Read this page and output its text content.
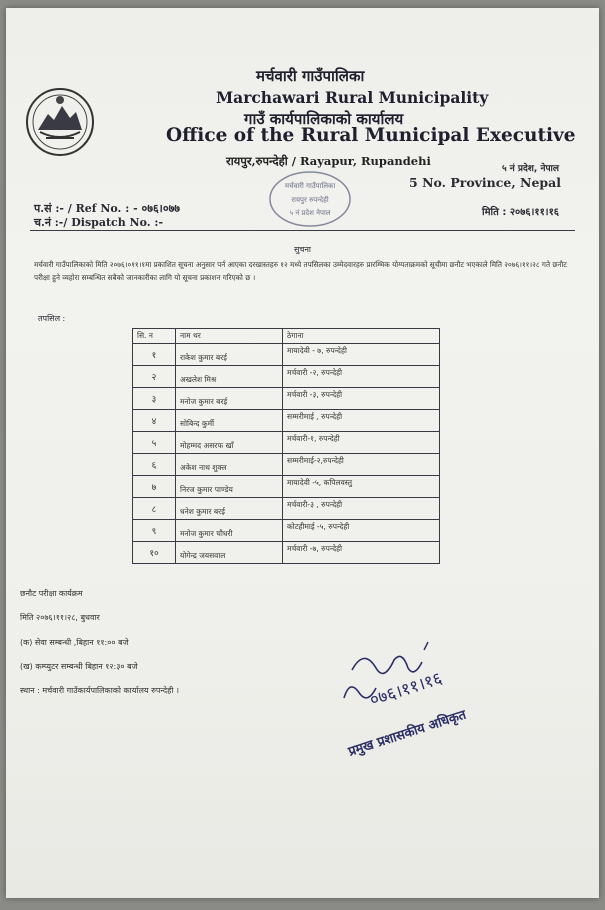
मर्चवारी गाउँपालिका
Marchawari Rural Municipality
गाउँ कार्यपालिकाको कार्यालय
Office of the Rural Municipal Executive
रायपुर,रुपन्देही / Rayapur, Rupandehi
५ नं प्रदेश, नेपाल
5 No. Province, Nepal
मर्चवारी गाउँपालिका
रायपुर रुपन्देही
५ नं प्रदेश नेपाल
प.सं :- / Ref No. : - ०७६।०७७
च.नं :-/ Dispatch No. :-
मिति : २०७६।११।१६
सुचना
मर्चवारी गाउँपालिकाको मिति २०७६।०११।१मा प्रकाशित सूचना अनुसार पर्न आएका दरखास्तहरु १२ मध्ये तपसिलका उम्मेदवारहरु प्रारम्भिक योग्यताक्रमको सूचीमा छनौट भएकाले मिति २०७६।११।२८ गते छनौट परीक्षा हुने व्यहोरा सम्बन्धित सबैको जानकारीका लागि यो सूचना प्रकाशन गरिएको छ ।
तपसिल :
सि. न	नाम थर	ठेगाना
१	राकेश कुमार बरई	मायादेवी - ७, रुपन्देही
२	अखलेश मिश्र	मर्चवारी -२, रुपन्देही
३	मनोज कुमार बरई	मर्चवारी -३, रुपन्देही
४	सोबिन्द कुर्मी	सम्मरीमाई , रुपन्देही
५	मोहम्मद असरफ खाँ	मर्चवारी-१, रुपन्देही
६	अकेश नाथ शुक्ल	सम्मरीमाई-२,रुपन्देही
७	निरज कुमार पाण्डेय	मायादेवी -५, कपिलवस्तु
८	धनेश कुमार बरई	मर्चवारी-३ , रुपन्देही
९	मनोज कुमार चौधरी	कोटहीमाई -५, रुपन्देही
१०	योगेन्द्र जयसवाल	मर्चवारी -७, रुपन्देही
छनौट परीक्षा कार्यक्रम
मिति २०७६।११।२८, बुधवार
(क) सेवा सम्बन्धी ,बिहान ११:०० बजे
(ख) कम्प्युटर सम्बन्धी बिहान १२:३० बजे
स्थान : मर्चवारी गाउँकार्यपालिकाको कार्यालय रुपन्देही ।	०७६।११।१६
प्रमुख प्रशासकीय अधिकृत
